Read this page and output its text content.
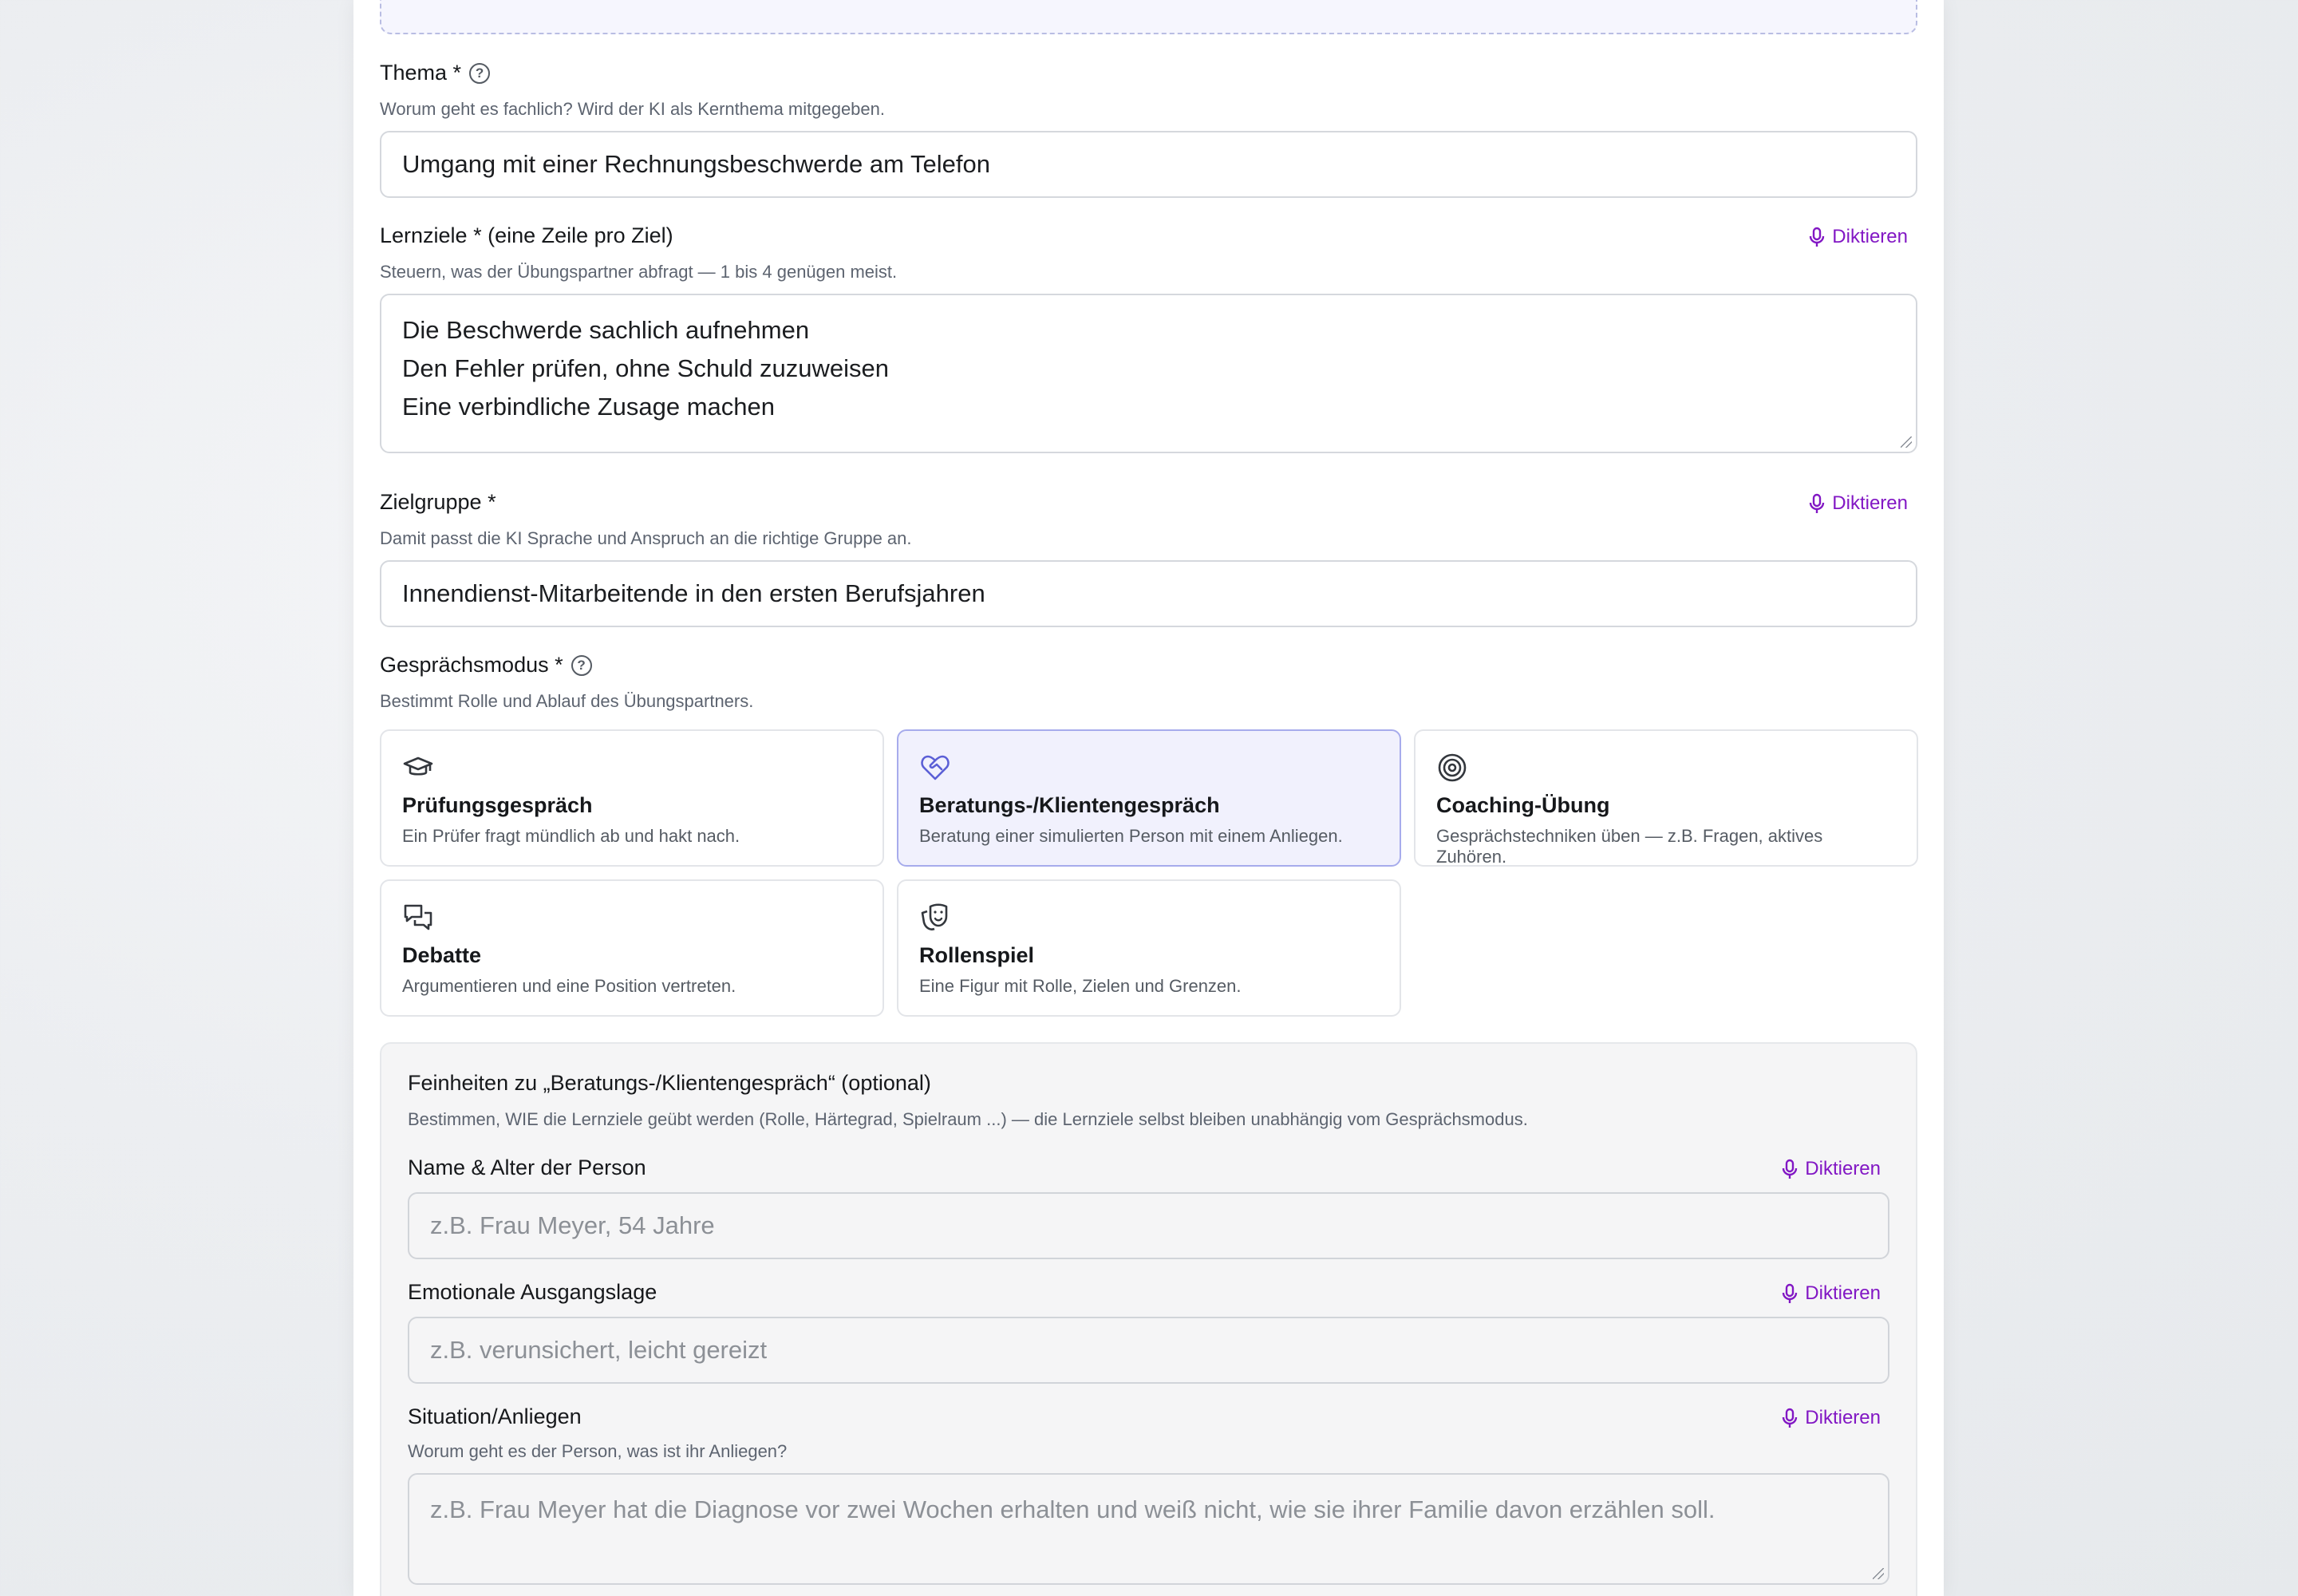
Thema *	?
Worum geht es fachlich? Wird der KI als Kernthema mitgegeben.
Umgang mit einer Rechnungsbeschwerde am Telefon
Lernziele * (eine Zeile pro Ziel)	Diktieren
Steuern, was der Übungspartner abfragt — 1 bis 4 genügen meist.
Die Beschwerde sachlich aufnehmen
Den Fehler prüfen, ohne Schuld zuzuweisen
Eine verbindliche Zusage machen
Zielgruppe *	Diktieren
Damit passt die KI Sprache und Anspruch an die richtige Gruppe an.
Innendienst-Mitarbeitende in den ersten Berufsjahren
Gesprächsmodus *	?
Bestimmt Rolle und Ablauf des Übungspartners.
Prüfungsgespräch
Ein Prüfer fragt mündlich ab und hakt nach.
Beratungs-/Klientengespräch
Beratung einer simulierten Person mit einem Anliegen.
Coaching-Übung
Gesprächstechniken üben — z.B. Fragen, aktives Zuhören.
Debatte
Argumentieren und eine Position vertreten.
Rollenspiel
Eine Figur mit Rolle, Zielen und Grenzen.
Feinheiten zu „Beratungs-/Klientengespräch“ (optional)
Bestimmen, WIE die Lernziele geübt werden (Rolle, Härtegrad, Spielraum ...) — die Lernziele selbst bleiben unabhängig vom Gesprächsmodus.
Name & Alter der Person	Diktieren
z.B. Frau Meyer, 54 Jahre
Emotionale Ausgangslage	Diktieren
z.B. verunsichert, leicht gereizt
Situation/Anliegen	Diktieren
Worum geht es der Person, was ist ihr Anliegen?
z.B. Frau Meyer hat die Diagnose vor zwei Wochen erhalten und weiß nicht, wie sie ihrer Familie davon erzählen soll.
